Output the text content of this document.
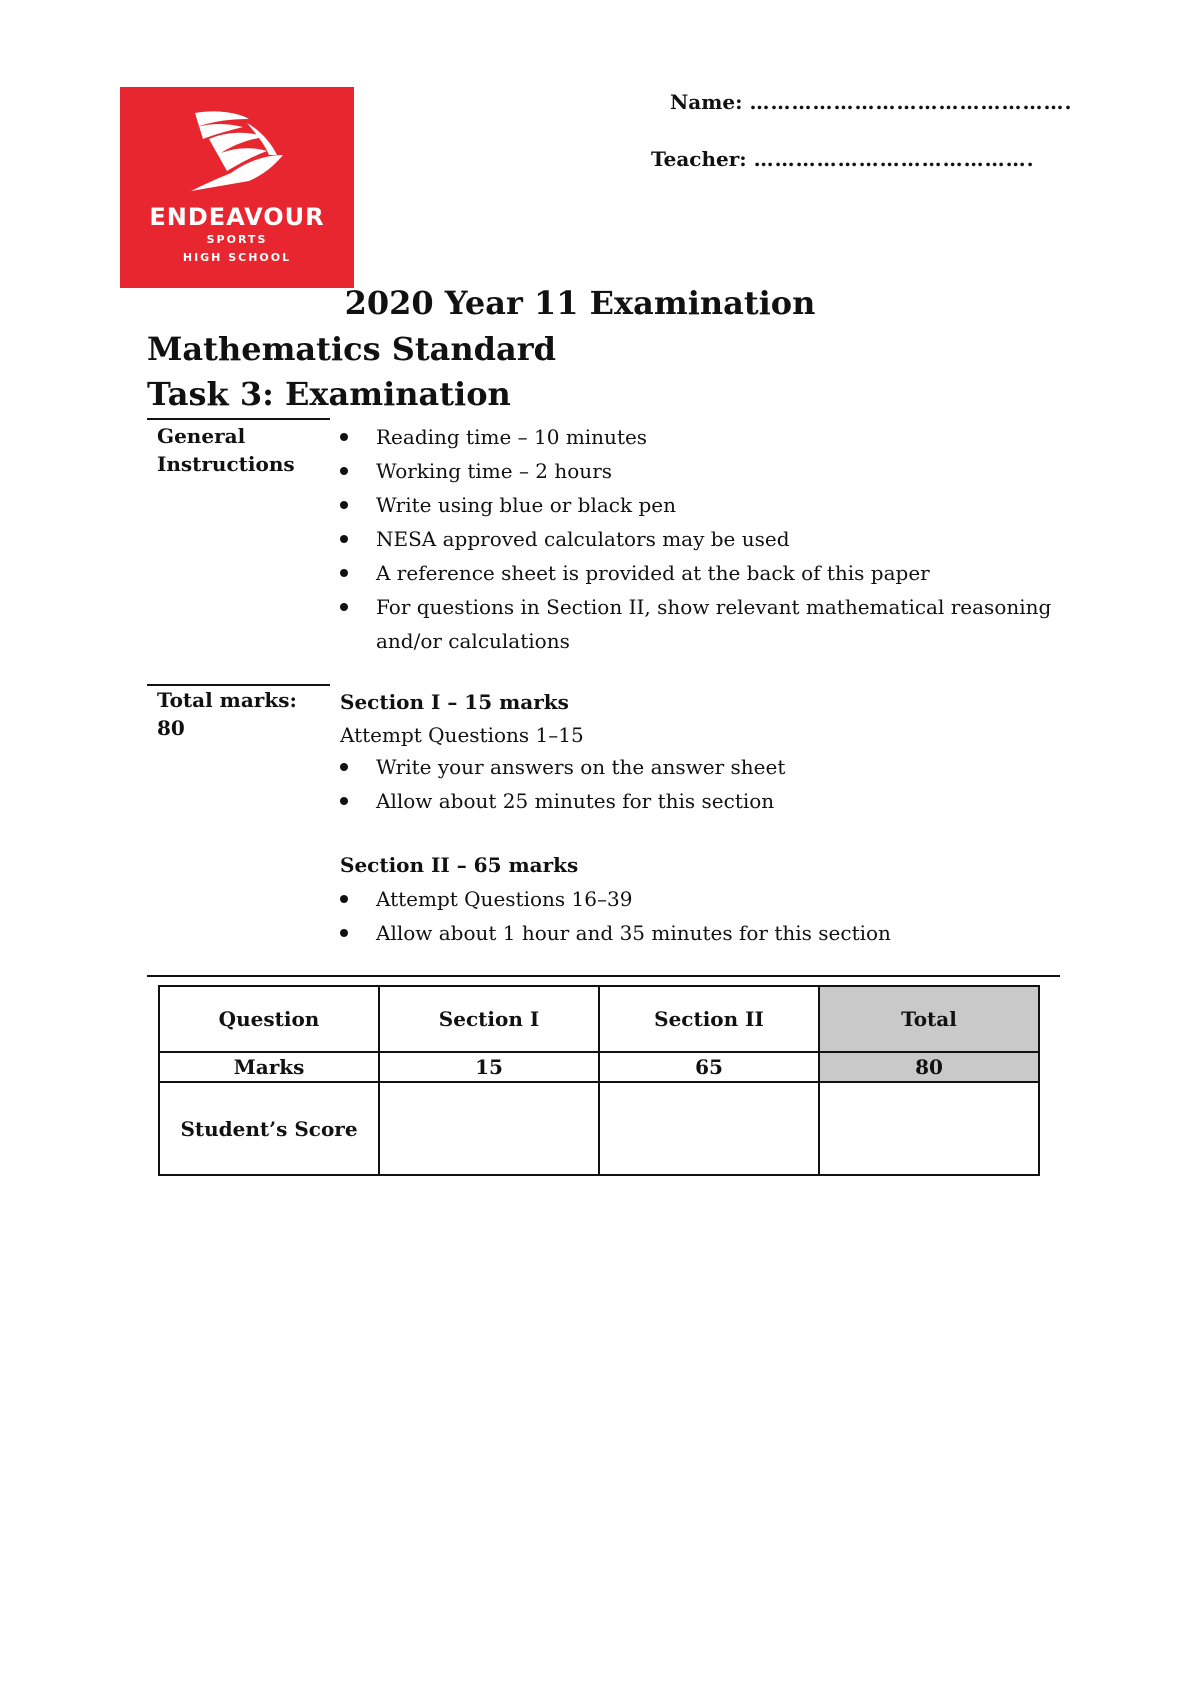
ENDEAVOUR
SPORTS
HIGH SCHOOL
Name: ……………………………………….
Teacher: ………………………………….
2020 Year 11 Examination
Mathematics Standard
Task 3: Examination
General
Instructions
Reading time – 10 minutes
Working time – 2 hours
Write using blue or black pen
NESA approved calculators may be used
A reference sheet is provided at the back of this paper
For questions in Section II, show relevant mathematical reasoning
and/or calculations
Total marks:
80
Section I – 15 marks
Attempt Questions 1–15
Write your answers on the answer sheet
Allow about 25 minutes for this section
Section II – 65 marks
Attempt Questions 16–39
Allow about 1 hour and 35 minutes for this section
Question	Section I	Section II	Total
Marks	15	65	80
Student’s Score			
